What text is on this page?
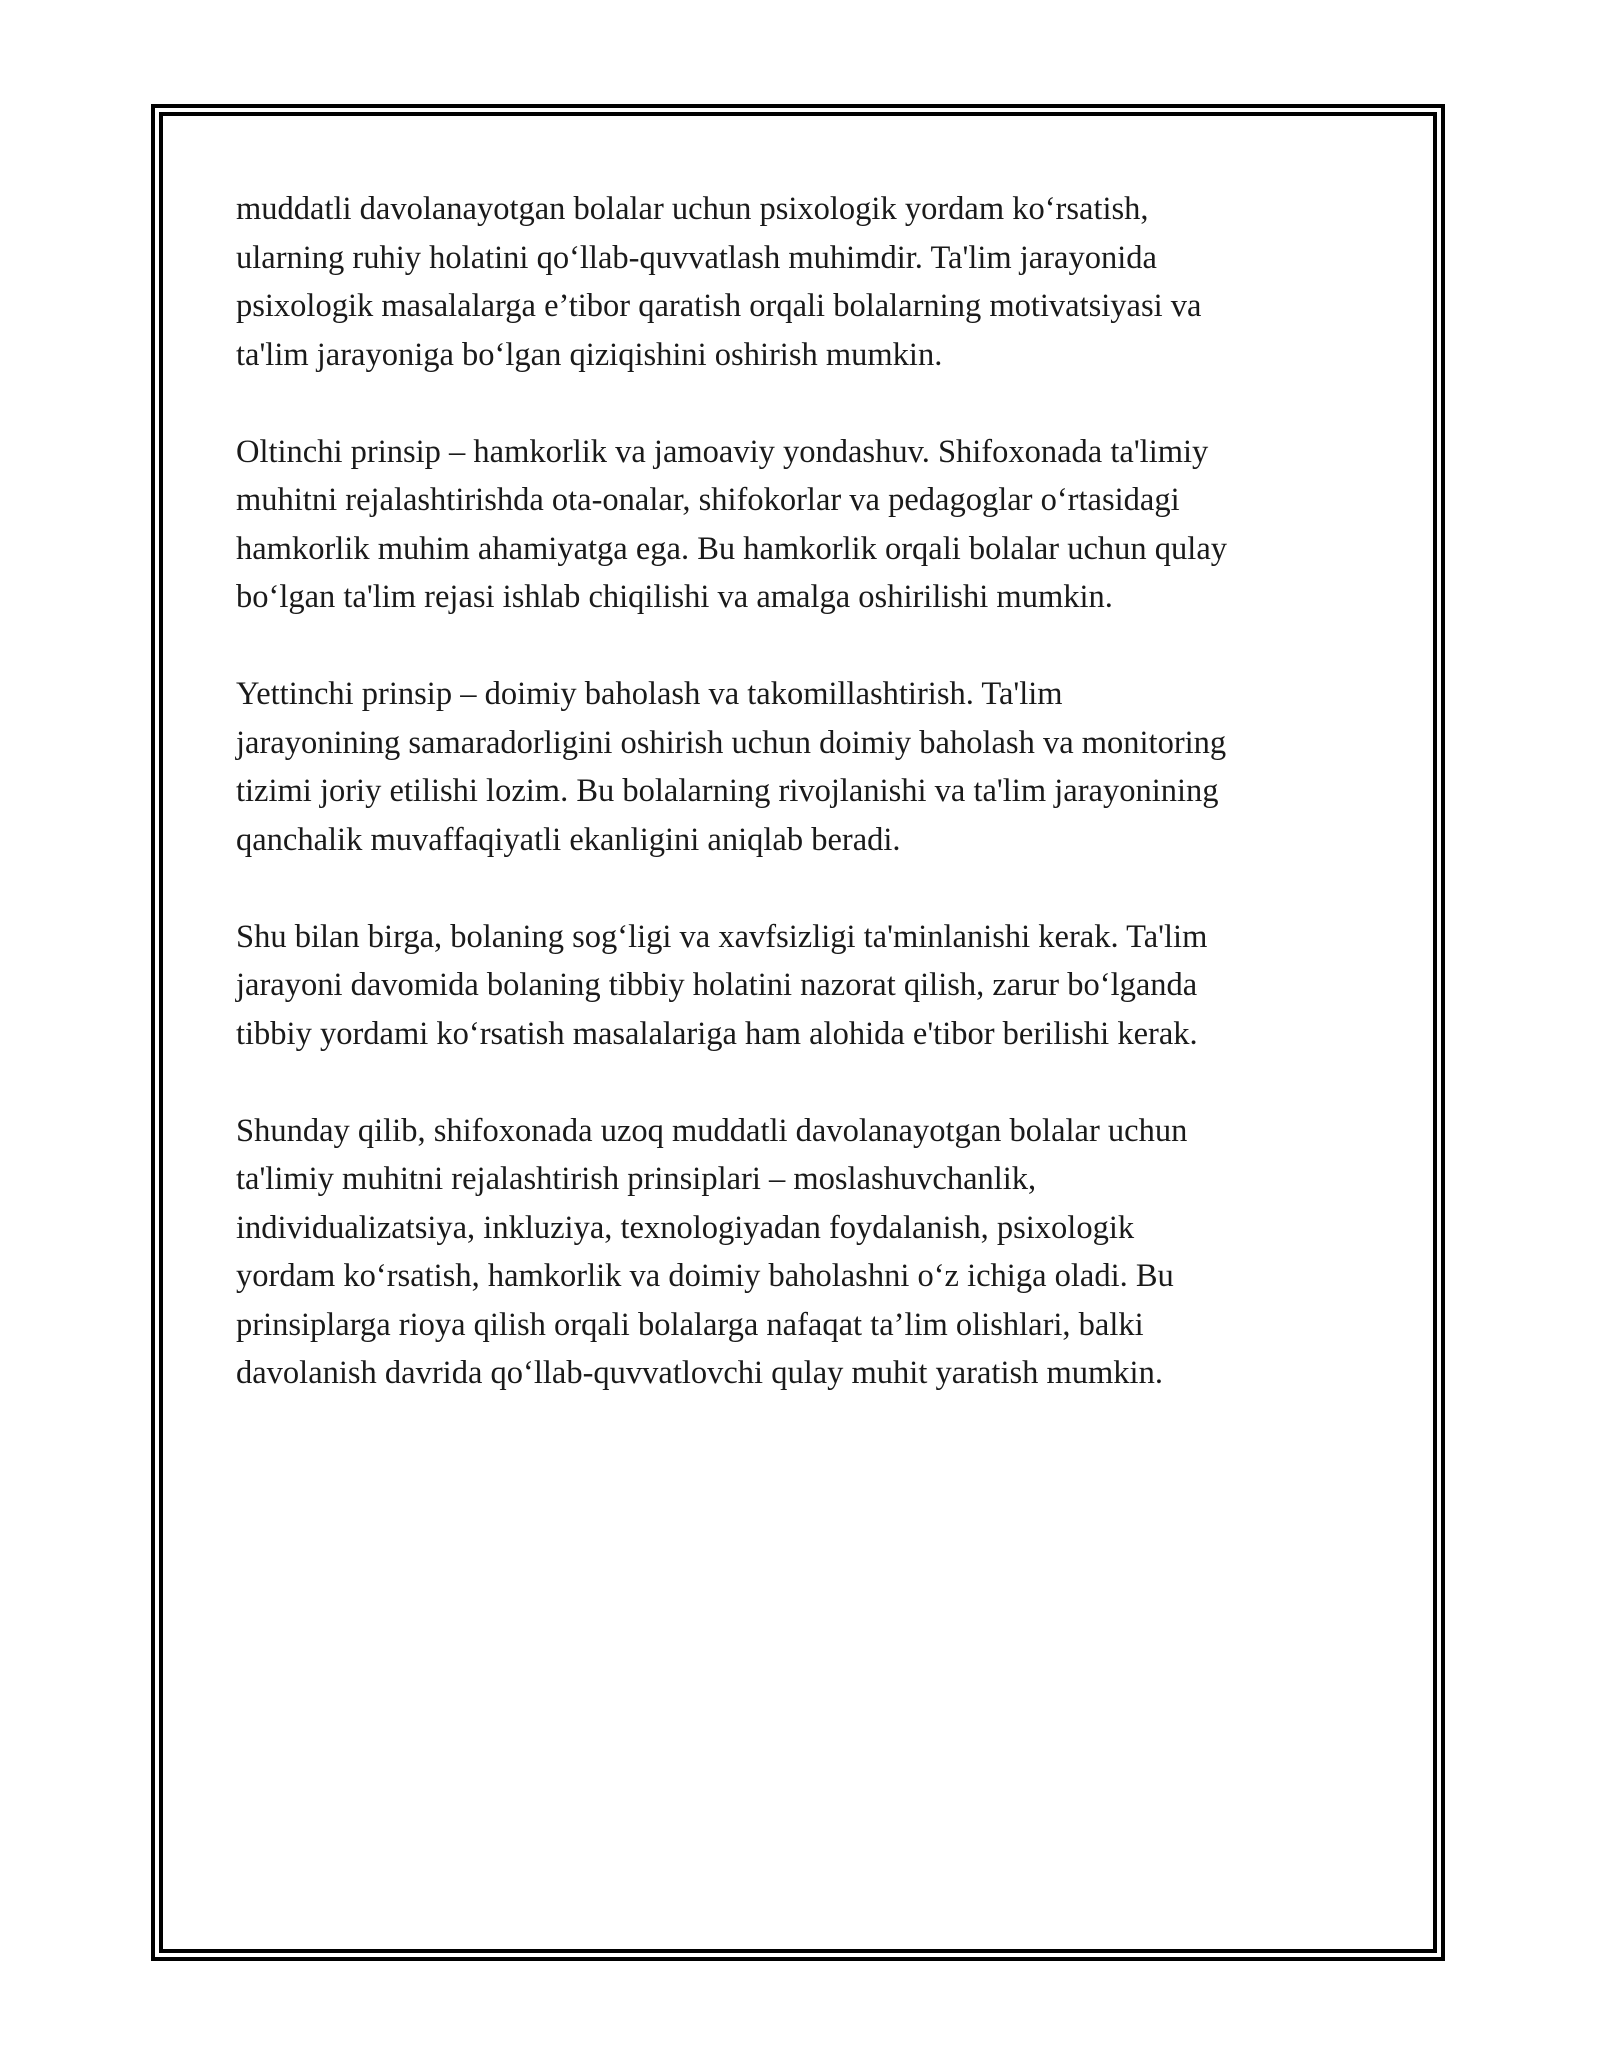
muddatli davolanayotgan bolalar uchun psixologik yordam ko‘rsatish,
ularning ruhiy holatini qo‘llab-quvvatlash muhimdir. Ta'lim jarayonida
psixologik masalalarga e’tibor qaratish orqali bolalarning motivatsiyasi va
ta'lim jarayoniga bo‘lgan qiziqishini oshirish mumkin.

Oltinchi prinsip – hamkorlik va jamoaviy yondashuv. Shifoxonada ta'limiy
muhitni rejalashtirishda ota-onalar, shifokorlar va pedagoglar o‘rtasidagi
hamkorlik muhim ahamiyatga ega. Bu hamkorlik orqali bolalar uchun qulay
bo‘lgan ta'lim rejasi ishlab chiqilishi va amalga oshirilishi mumkin.

Yettinchi prinsip – doimiy baholash va takomillashtirish. Ta'lim
jarayonining samaradorligini oshirish uchun doimiy baholash va monitoring
tizimi joriy etilishi lozim. Bu bolalarning rivojlanishi va ta'lim jarayonining
qanchalik muvaffaqiyatli ekanligini aniqlab beradi.

Shu bilan birga, bolaning sog‘ligi va xavfsizligi ta'minlanishi kerak. Ta'lim
jarayoni davomida bolaning tibbiy holatini nazorat qilish, zarur bo‘lganda
tibbiy yordami ko‘rsatish masalalariga ham alohida e'tibor berilishi kerak.

Shunday qilib, shifoxonada uzoq muddatli davolanayotgan bolalar uchun
ta'limiy muhitni rejalashtirish prinsiplari – moslashuvchanlik,
individualizatsiya, inkluziya, texnologiyadan foydalanish, psixologik
yordam ko‘rsatish, hamkorlik va doimiy baholashni o‘z ichiga oladi. Bu
prinsiplarga rioya qilish orqali bolalarga nafaqat ta’lim olishlari, balki
davolanish davrida qo‘llab-quvvatlovchi qulay muhit yaratish mumkin.
